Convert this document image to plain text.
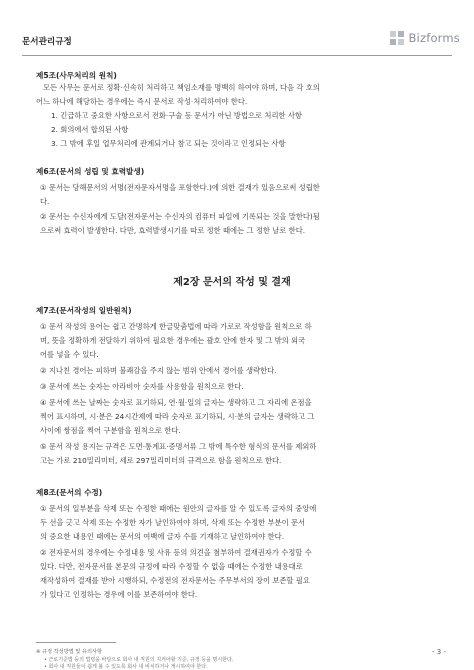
문서관리규정	Bizforms
제5조(사무처리의 원칙)
모든 사무는 문서로 정확·신속히 처리하고 책임소재를 명백히 하여야 하며, 다음 각 호의
어느 하나에 해당하는 경우에는 즉시 문서로 작성·처리하여야 한다.
1. 긴급하고 중요한 사항으로서 전화·구술 등 문서가 아닌 방법으로 처리한 사항
2. 회의에서 합의된 사항
3. 그 밖에 후일 업무처리에 관계되거나 참고 되는 것이라고 인정되는 사항
제6조(문서의 성립 및 효력발생)
① 문서는 당해문서의 서명(전자문자서명을 포함한다.)에 의한 결재가 있음으로써 성립한
다.
② 문서는 수신자에게 도달(전자문서는 수신자의 컴퓨터 파일에 기록되는 것을 말한다)됨
으로써 효력이 발생한다. 다만, 효력발생시기를 따로 정한 때에는 그 정한 날로 한다.
제2장 문서의 작성 및 결재
제7조(문서작성의 일반원칙)
① 문서 작성의 용어는 쉽고 간명하게 한글맞춤법에 따라 가로로 작성함을 원칙으로 하
며, 뜻을 정확하게 전달하기 위하여 필요한 경우에는 괄호 안에 한자 및 그 밖의 외국
어를 넣을 수 있다.
② 지나친 경어는 피하며 불쾌감을 주지 않는 범위 안에서 경어를 생략한다.
③ 문서에 쓰는 숫자는 아라비아 숫자를 사용함을 원칙으로 한다.
④ 문서에 쓰는 날짜는 숫자로 표기하되, 연·월·일의 글자는 생략하고 그 자리에 온점을
찍어 표시하며, 시·분은 24시간제에 따라 숫자로 표기하되, 시·분의 글자는 생략하고 그
사이에 쌍점을 찍어 구분함을 원칙으로 한다.
⑤ 문서 작성 용지는 규격은 도면·통계표·증명서류 그 밖에 특수한 형식의 문서를 제외하
고는 가로 210밀리미터, 세로 297밀리미터의 규격으로 함을 원칙으로 한다.
제8조(문서의 수정)
① 문서의 일부분을 삭제 또는 수정한 때에는 원안의 글자를 알 수 있도록 글자의 중앙에
두 선을 긋고 삭제 또는 수정한 자가 날인하여야 하며, 삭제 또는 수정한 부분이 문서
의 중요한 내용인 때에는 문서의 여백에 글자 수를 기재하고 날인하여야 한다.
② 전자문서의 경우에는 수정내용 및 사유 등의 의견을 첨부하여 결재권자가 수정할 수
있다. 다만, 전자문서를 본문의 규정에 따라 수정할 수 없을 때에는 수정한 내용대로
재작성하여 결재를 받아 시행하되, 수정전의 전자문서는 주무부서의 장이 보존할 필요
가 있다고 인정하는 경우에 이를 보존하여야 한다.
※ 규정 작성방법 및 유의사항
• 근로기준법 등의 법령을 바탕으로 회사 내 직원의 지켜야할 기준, 규정 등을 명시한다.
• 회사 내 직원들이 쉽게 볼 수 있도록 회사 내 비치하거나 게시하여야 한다.
- 3 -
